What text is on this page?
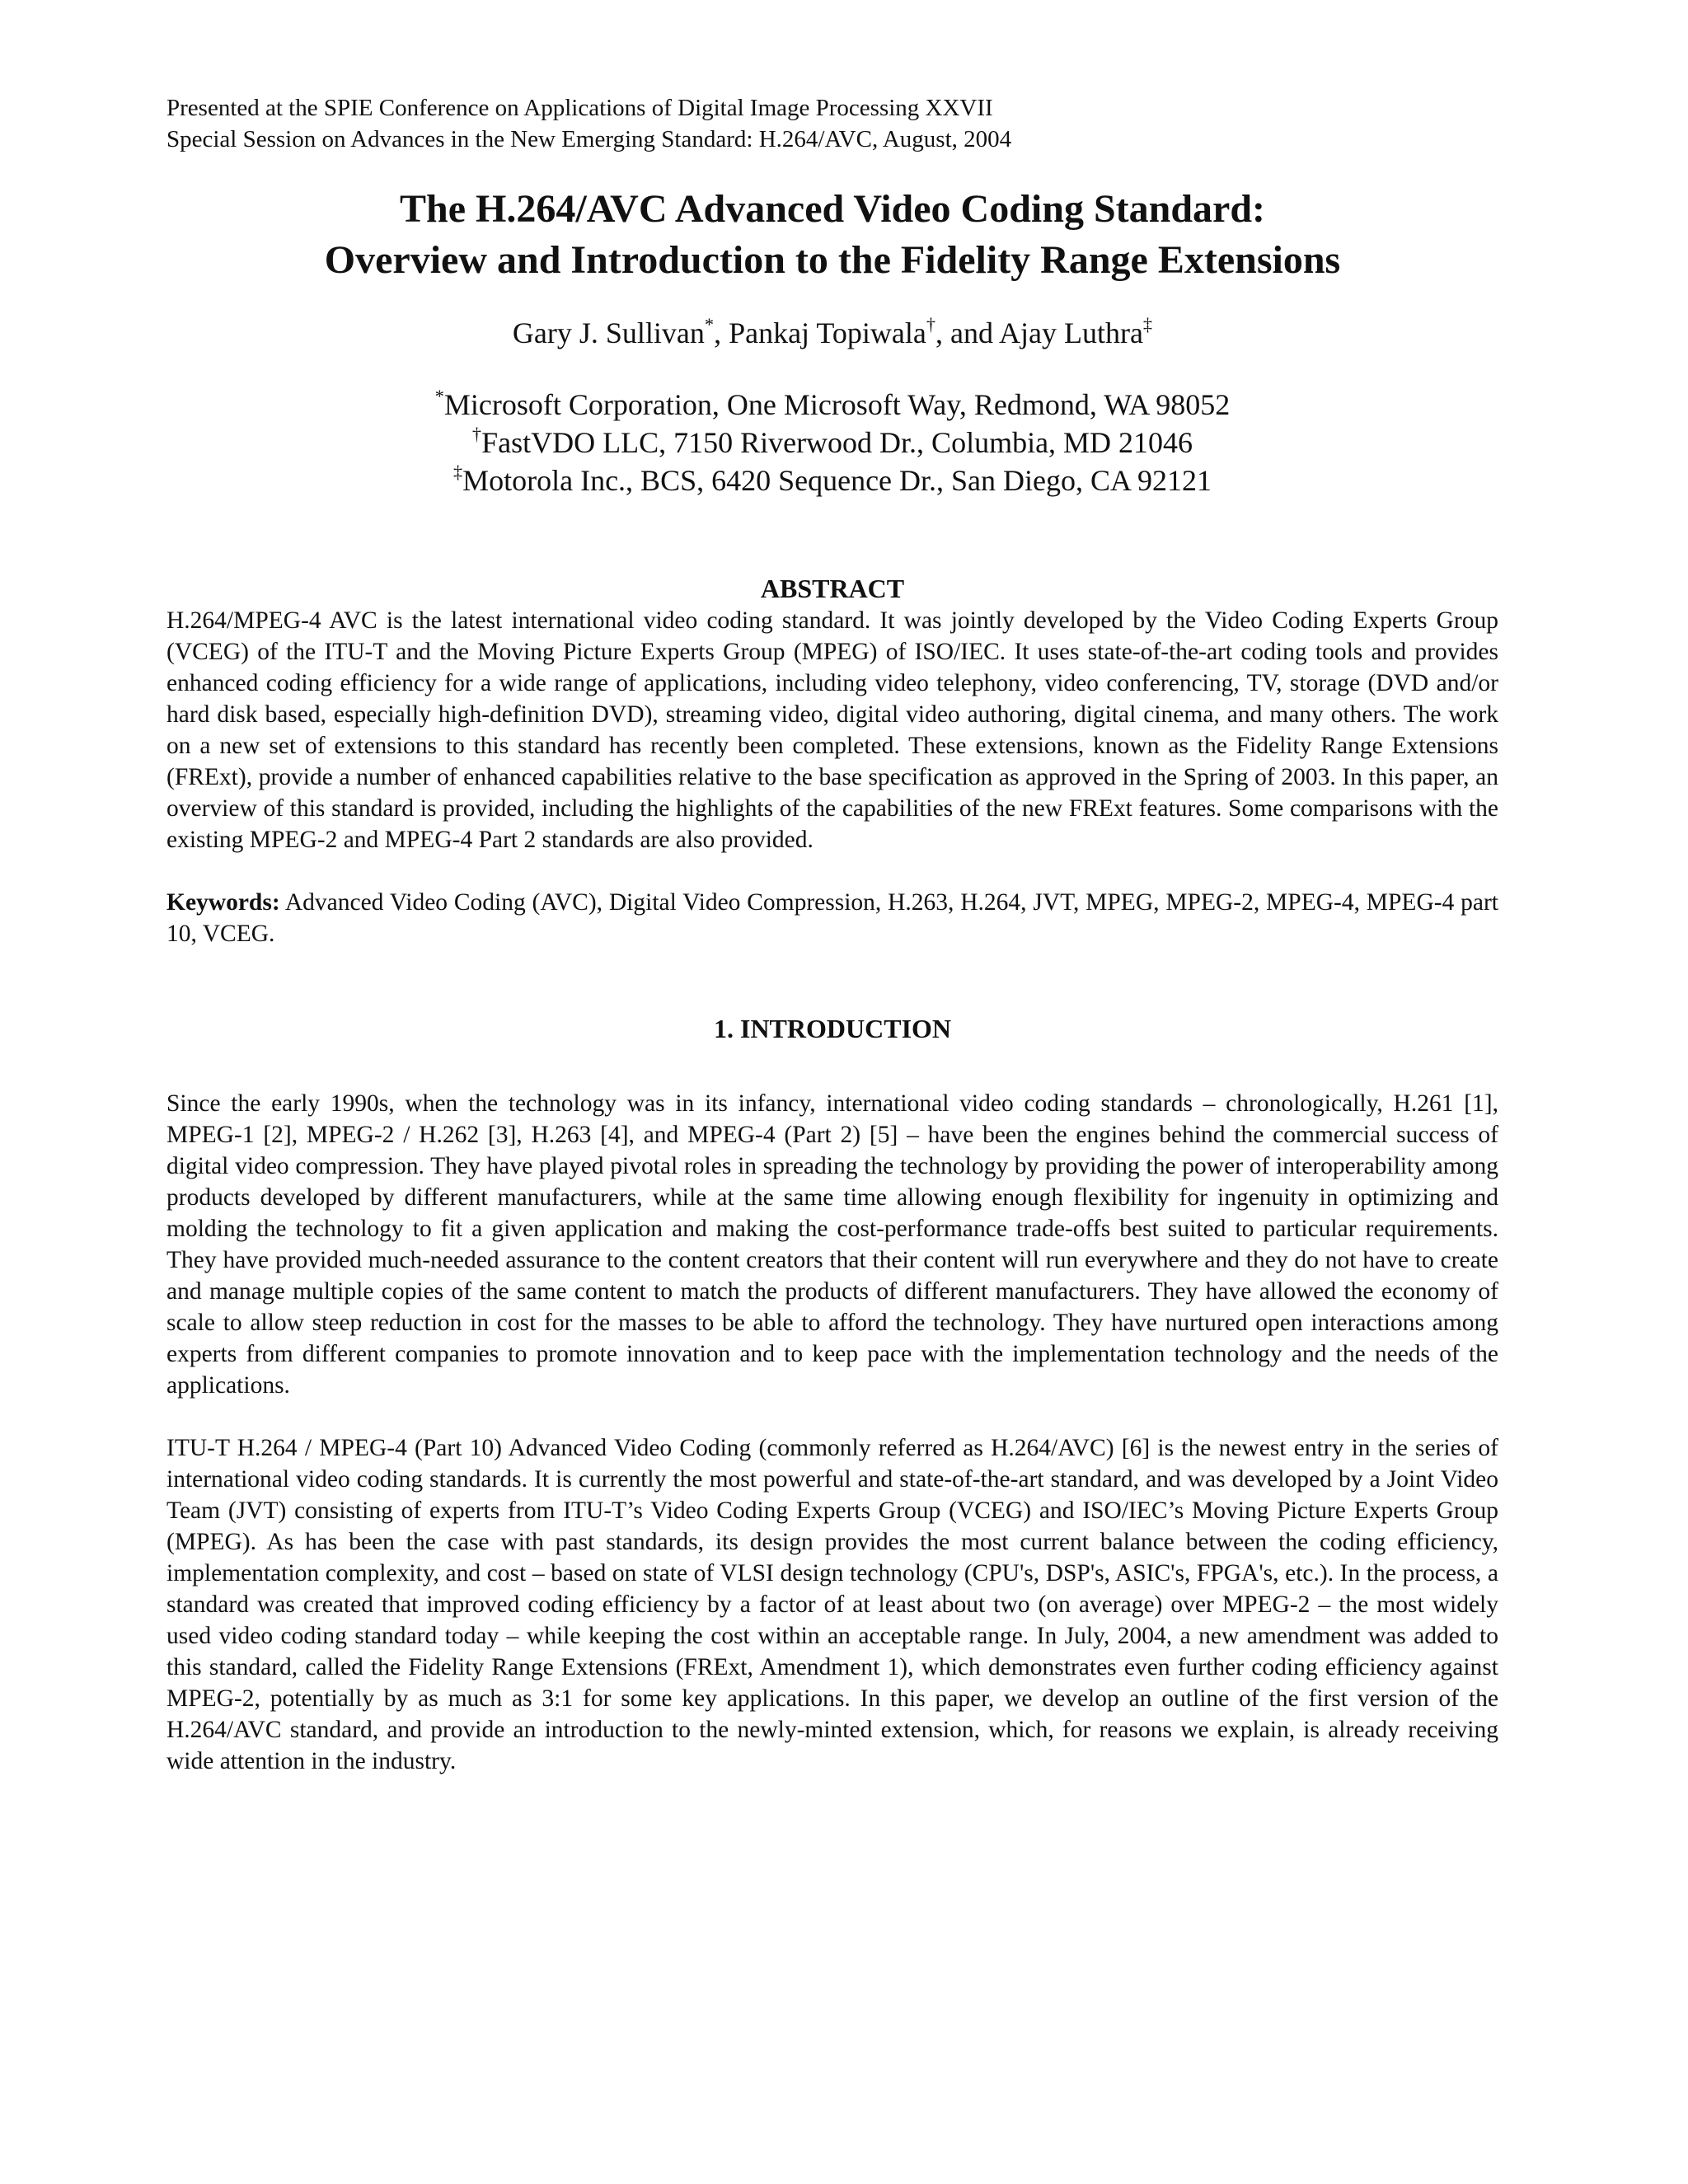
Presented at the SPIE Conference on Applications of Digital Image Processing XXVII

Special Session on Advances in the New Emerging Standard: H.264/AVC, August, 2004

The H.264/AVC Advanced Video Coding Standard:
Overview and Introduction to the Fidelity Range Extensions
Gary J. Sullivan*, Pankaj Topiwala†, and Ajay Luthra‡
*Microsoft Corporation, One Microsoft Way, Redmond, WA 98052
†FastVDO LLC, 7150 Riverwood Dr., Columbia, MD 21046
‡Motorola Inc., BCS, 6420 Sequence Dr., San Diego, CA 92121
ABSTRACT

H.264/MPEG-4 AVC is the latest international video coding standard. It was jointly developed by the Video Coding Experts Group (VCEG) of the ITU-T and the Moving Picture Experts Group (MPEG) of ISO/IEC. It uses state-of-the-art coding tools and provides enhanced coding efficiency for a wide range of applications, including video telephony, video conferencing, TV, storage (DVD and/or hard disk based, especially high-definition DVD), streaming video, digital video authoring, digital cinema, and many others. The work on a new set of extensions to this standard has recently been completed. These extensions, known as the Fidelity Range Extensions (FRExt), provide a number of enhanced capabilities relative to the base specification as approved in the Spring of 2003. In this paper, an overview of this standard is provided, including the highlights of the capabilities of the new FRExt features. Some comparisons with the existing MPEG-2 and MPEG-4 Part 2 standards are also provided.

Keywords: Advanced Video Coding (AVC), Digital Video Compression, H.263, H.264, JVT, MPEG, MPEG-2, MPEG-4, MPEG-4 part 10, VCEG.

1. INTRODUCTION

Since the early 1990s, when the technology was in its infancy, international video coding standards – chronologically, H.261 [1], MPEG-1 [2], MPEG-2 / H.262 [3], H.263 [4], and MPEG-4 (Part 2) [5] – have been the engines behind the commercial success of digital video compression. They have played pivotal roles in spreading the technology by providing the power of interoperability among products developed by different manufacturers, while at the same time allowing enough flexibility for ingenuity in optimizing and molding the technology to fit a given application and making the cost-performance trade-offs best suited to particular requirements. They have provided much-needed assurance to the content creators that their content will run everywhere and they do not have to create and manage multiple copies of the same content to match the products of different manufacturers. They have allowed the economy of scale to allow steep reduction in cost for the masses to be able to afford the technology. They have nurtured open interactions among experts from different companies to promote innovation and to keep pace with the implementation technology and the needs of the applications.

ITU-T H.264 / MPEG-4 (Part 10) Advanced Video Coding (commonly referred as H.264/AVC) [6] is the newest entry in the series of international video coding standards. It is currently the most powerful and state-of-the-art standard, and was developed by a Joint Video Team (JVT) consisting of experts from ITU-T’s Video Coding Experts Group (VCEG) and ISO/IEC’s Moving Picture Experts Group (MPEG). As has been the case with past standards, its design provides the most current balance between the coding efficiency, implementation complexity, and cost – based on state of VLSI design technology (CPU's, DSP's, ASIC's, FPGA's, etc.). In the process, a standard was created that improved coding efficiency by a factor of at least about two (on average) over MPEG-2 – the most widely used video coding standard today – while keeping the cost within an acceptable range. In July, 2004, a new amendment was added to this standard, called the Fidelity Range Extensions (FRExt, Amendment 1), which demonstrates even further coding efficiency against MPEG-2, potentially by as much as 3:1 for some key applications. In this paper, we develop an outline of the first version of the H.264/AVC standard, and provide an introduction to the newly-minted extension, which, for reasons we explain, is already receiving wide attention in the industry.
